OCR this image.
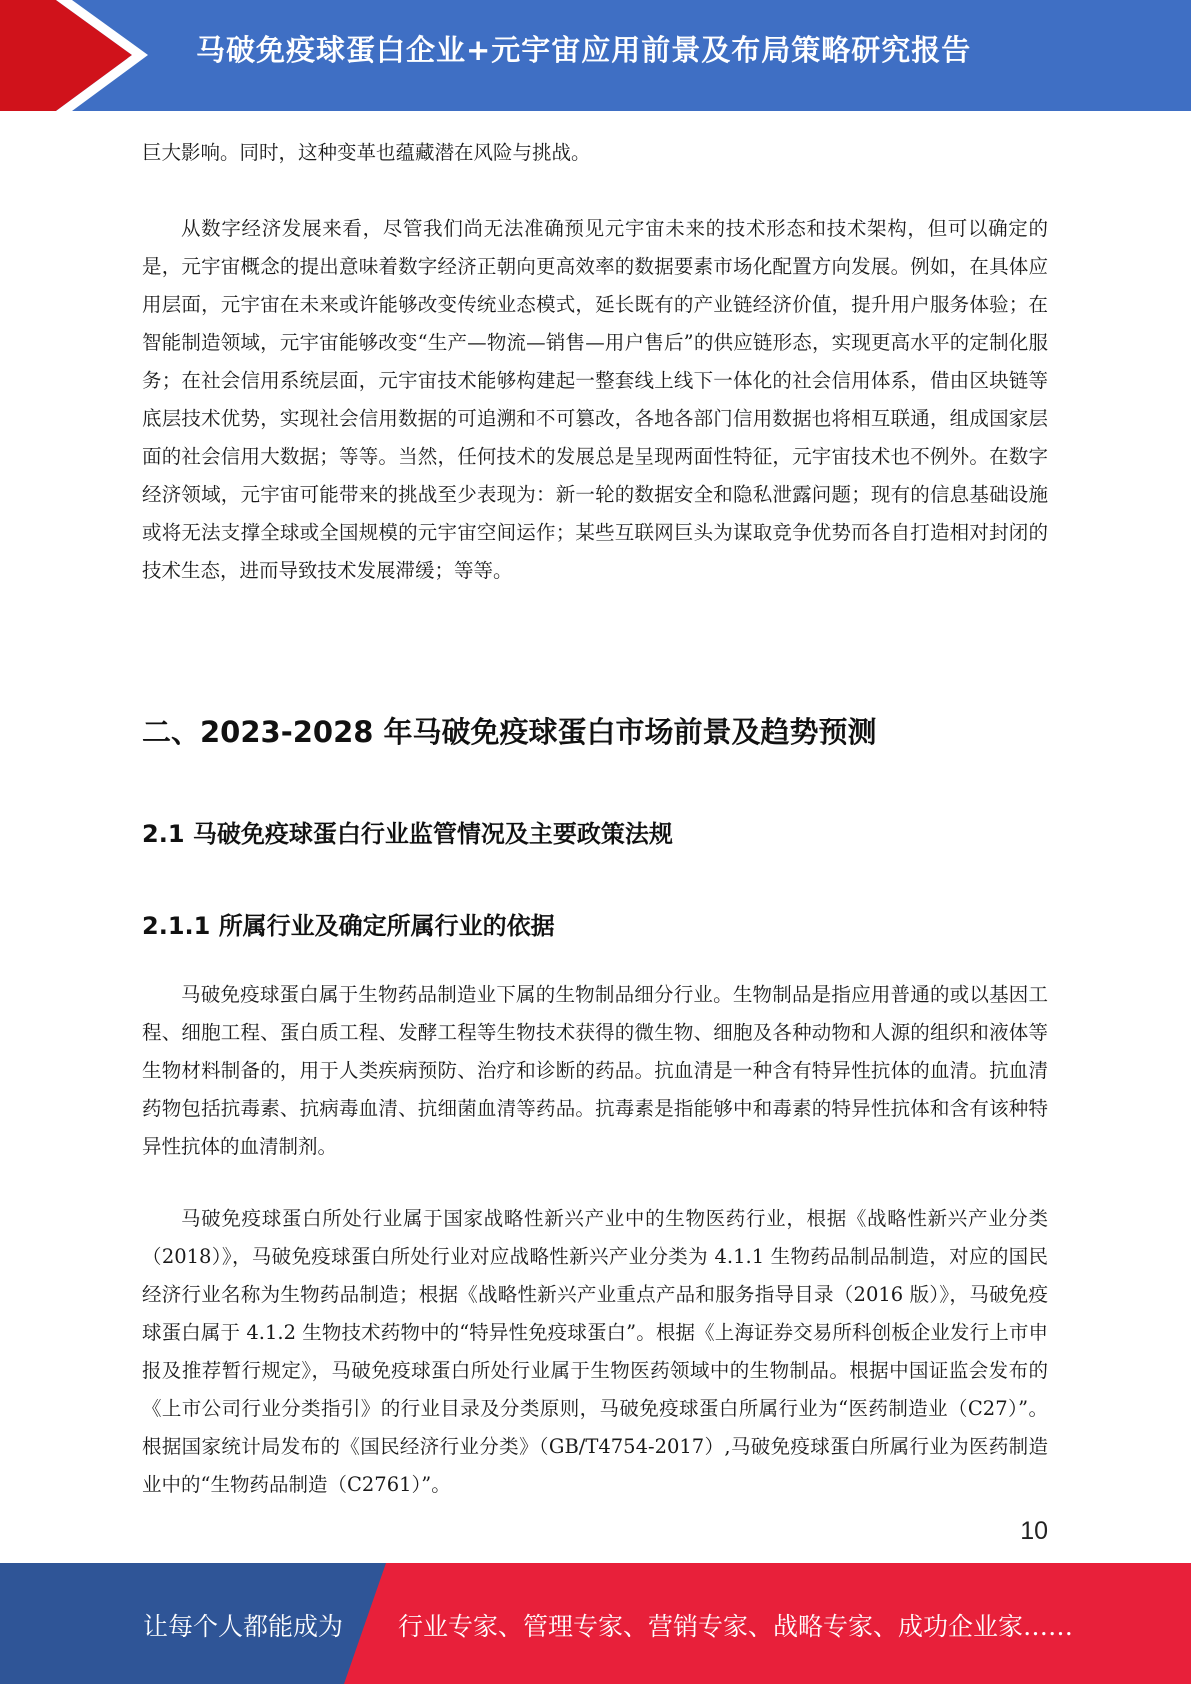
马破免疫球蛋白企业+元宇宙应用前景及布局策略研究报告

巨大影响。同时，这种变革也蕴藏潜在风险与挑战。

从数字经济发展来看，尽管我们尚无法准确预见元宇宙未来的技术形态和技术架构，但可以确定的是，元宇宙概念的提出意味着数字经济正朝向更高效率的数据要素市场化配置方向发展。例如，在具体应用层面，元宇宙在未来或许能够改变传统业态模式，延长既有的产业链经济价值，提升用户服务体验；在智能制造领域，元宇宙能够改变“生产—物流—销售—用户售后”的供应链形态，实现更高水平的定制化服务；在社会信用系统层面，元宇宙技术能够构建起一整套线上线下一体化的社会信用体系，借由区块链等底层技术优势，实现社会信用数据的可追溯和不可篡改，各地各部门信用数据也将相互联通，组成国家层面的社会信用大数据；等等。当然，任何技术的发展总是呈现两面性特征，元宇宙技术也不例外。在数字经济领域，元宇宙可能带来的挑战至少表现为：新一轮的数据安全和隐私泄露问题；现有的信息基础设施或将无法支撑全球或全国规模的元宇宙空间运作；某些互联网巨头为谋取竞争优势而各自打造相对封闭的技术生态，进而导致技术发展滞缓；等等。

二、2023-2028 年马破免疫球蛋白市场前景及趋势预测
2.1 马破免疫球蛋白行业监管情况及主要政策法规
2.1.1 所属行业及确定所属行业的依据

马破免疫球蛋白属于生物药品制造业下属的生物制品细分行业。生物制品是指应用普通的或以基因工程、细胞工程、蛋白质工程、发酵工程等生物技术获得的微生物、细胞及各种动物和人源的组织和液体等生物材料制备的，用于人类疾病预防、治疗和诊断的药品。抗血清是一种含有特异性抗体的血清。抗血清药物包括抗毒素、抗病毒血清、抗细菌血清等药品。抗毒素是指能够中和毒素的特异性抗体和含有该种特异性抗体的血清制剂。

马破免疫球蛋白所处行业属于国家战略性新兴产业中的生物医药行业，根据《战略性新兴产业分类（2018）》，马破免疫球蛋白所处行业对应战略性新兴产业分类为 4.1.1 生物药品制品制造，对应的国民经济行业名称为生物药品制造；根据《战略性新兴产业重点产品和服务指导目录（2016 版）》，马破免疫球蛋白属于 4.1.2 生物技术药物中的“特异性免疫球蛋白”。根据《上海证券交易所科创板企业发行上市申报及推荐暂行规定》，马破免疫球蛋白所处行业属于生物医药领域中的生物制品。根据中国证监会发布的《上市公司行业分类指引》的行业目录及分类原则，马破免疫球蛋白所属行业为“医药制造业（C27）”。根据国家统计局发布的《国民经济行业分类》（GB/T4754-2017）,马破免疫球蛋白所属行业为医药制造业中的“生物药品制造（C2761）”。

10
让每个人都能成为 行业专家、管理专家、营销专家、战略专家、成功企业家……
